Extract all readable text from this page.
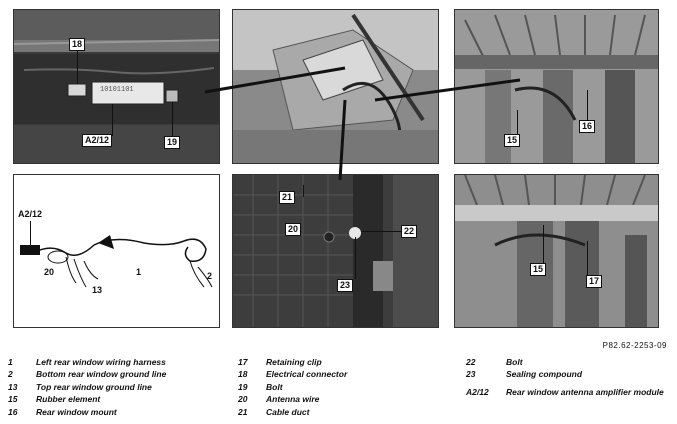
10101101
18
A2/12	19	15
16
A2/12
20	1	2
13
21
20	22
23
15
17
P82.62-2253-09
1	Left rear window wiring harness
2	Bottom rear window ground line
13 Top rear window ground line
15 Rubber element
16 Rear window mount
17 Retaining clip
18 Electrical connector
19 Bolt
20 Antenna wire
21 Cable duct
22	Bolt
23	Sealing compound
A2/12	Rear window antenna amplifier module
